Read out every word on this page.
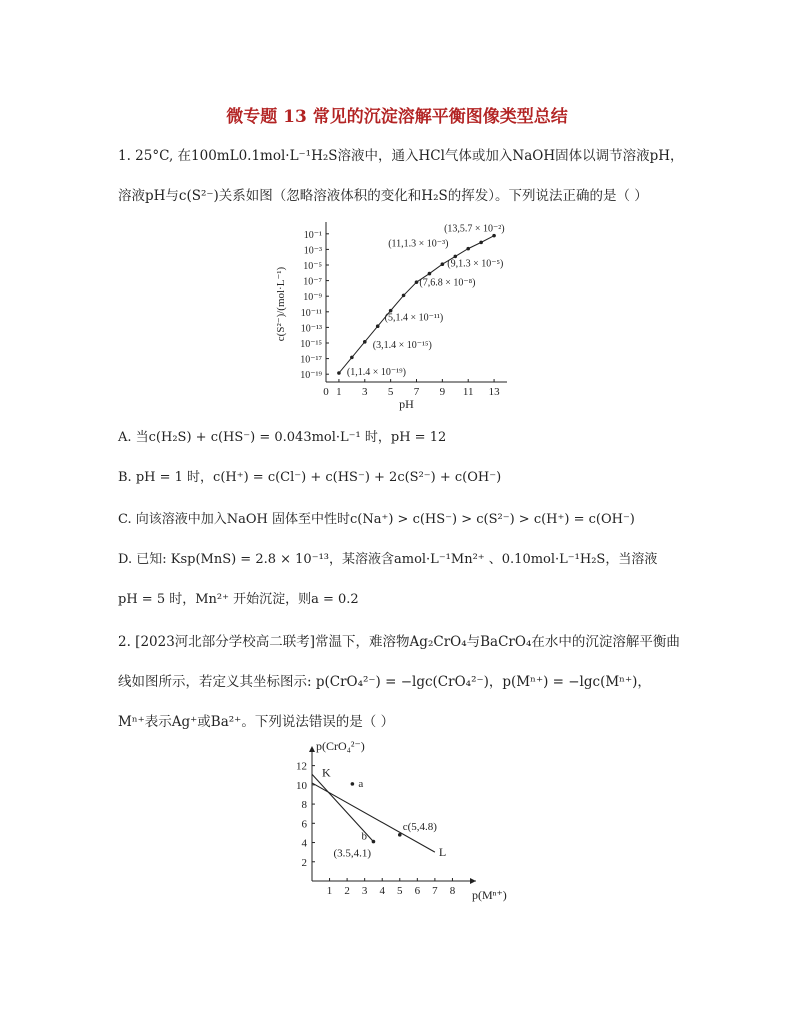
微专题 13 常见的沉淀溶解平衡图像类型总结
1. 25°C, 在100mL0.1mol·L⁻¹H₂S溶液中，通入HCl气体或加入NaOH固体以调节溶液pH，
溶液pH与c(S²⁻)关系如图（忽略溶液体积的变化和H₂S的挥发）。下列说法正确的是（ ）
0 1 3 5 7 9 11 13
10⁻¹
10⁻³
10⁻⁵
10⁻⁷
10⁻⁹
10⁻¹¹
10⁻¹³
10⁻¹⁵
10⁻¹⁷
10⁻¹⁹
pH
c(S²⁻)/(mol·L⁻¹)
(1,1.4 × 10⁻¹⁹)
(3,1.4 × 10⁻¹⁵)
(5,1.4 × 10⁻¹¹)
(7,6.8 × 10⁻⁸)
(9,1.3 × 10⁻⁵)
(11,1.3 × 10⁻³)
(13,5.7 × 10⁻²)
A. 当c(H₂S) + c(HS⁻) = 0.043mol·L⁻¹ 时，pH = 12
B. pH = 1 时，c(H⁺) = c(Cl⁻) + c(HS⁻) + 2c(S²⁻) + c(OH⁻)
C. 向该溶液中加入NaOH 固体至中性时c(Na⁺) > c(HS⁻) > c(S²⁻) > c(H⁺) = c(OH⁻)
D. 已知: Ksp(MnS) = 2.8 × 10⁻¹³，某溶液含amol·L⁻¹Mn²⁺ 、0.10mol·L⁻¹H₂S，当溶液
pH = 5 时，Mn²⁺ 开始沉淀，则a = 0.2
2. [2023河北部分学校高二联考]常温下，难溶物Ag₂CrO₄与BaCrO₄在水中的沉淀溶解平衡曲
线如图所示，若定义其坐标图示: p(CrO₄²⁻) = −lgc(CrO₄²⁻)，p(Mⁿ⁺) = −lgc(Mⁿ⁺)，
Mⁿ⁺表示Ag⁺或Ba²⁺。下列说法错误的是（ ）
1 2 3 4 5 6 7 8
2
4
6
8
10
12
p(CrO₄²⁻)
p(Mⁿ⁺)
K
L
a
b
(3.5,4.1)
c(5,4.8)
